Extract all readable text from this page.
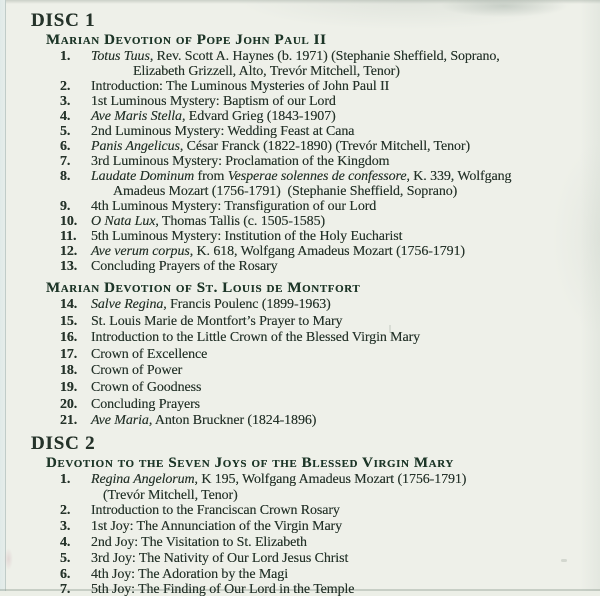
DISC 1
Marian Devotion of Pope John Paul II
1.	Totus Tuus, Rev. Scott A. Haynes (b. 1971) (Stephanie Sheffield, Soprano,
Elizabeth Grizzell, Alto, Trevór Mitchell, Tenor)
2.	Introduction: The Luminous Mysteries of John Paul II
3.	1st Luminous Mystery: Baptism of our Lord
4.	Ave Maris Stella, Edvard Grieg (1843-1907)
5.	2nd Luminous Mystery: Wedding Feast at Cana
6.	Panis Angelicus, César Franck (1822-1890) (Trevór Mitchell, Tenor)
7.	3rd Luminous Mystery: Proclamation of the Kingdom
8.	Laudate Dominum from Vesperae solennes de confessore, K. 339, Wolfgang
Amadeus Mozart (1756-1791)  (Stephanie Sheffield, Soprano)
9.	4th Luminous Mystery: Transfiguration of our Lord
10. O Nata Lux, Thomas Tallis (c. 1505-1585)
11.	5th Luminous Mystery: Institution of the Holy Eucharist
12. Ave verum corpus, K. 618, Wolfgang Amadeus Mozart (1756-1791)
13. Concluding Prayers of the Rosary
Marian Devotion of St. Louis de Montfort
14. Salve Regina, Francis Poulenc (1899-1963)
15. St. Louis Marie de Montfort’s Prayer to Mary
16. Introduction to the Little Crown of the Blessed Virgin Mary
17. Crown of Excellence
18. Crown of Power
19. Crown of Goodness
20. Concluding Prayers
21. Ave Maria, Anton Bruckner (1824-1896)
DISC 2
Devotion to the Seven Joys of the Blessed Virgin Mary
1.	Regina Angelorum, K 195, Wolfgang Amadeus Mozart (1756-1791)
(Trevór Mitchell, Tenor)
2.	Introduction to the Franciscan Crown Rosary
3.	1st Joy: The Annunciation of the Virgin Mary
4.	2nd Joy: The Visitation to St. Elizabeth
5.	3rd Joy: The Nativity of Our Lord Jesus Christ
6.	4th Joy: The Adoration by the Magi
7.	5th Joy: The Finding of Our Lord in the Temple
